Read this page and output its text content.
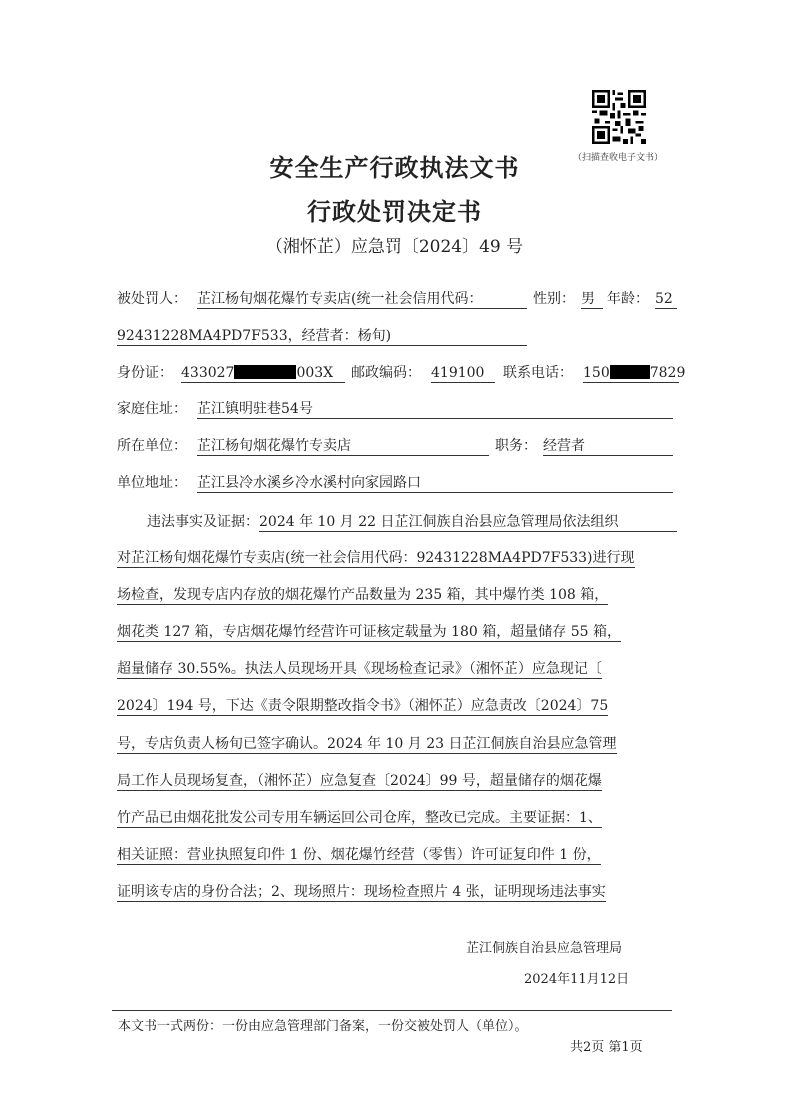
（扫描查收电子文书）
安全生产行政执法文书
行政处罚决定书
（湘怀芷）应急罚〔2024〕49 号
被处罚人： 芷江杨旬烟花爆竹专卖店(统一社会信用代码：	性别： 男 年龄： 52
92431228MA4PD7F533，经营者：杨旬)
身份证： 433027	003X	邮政编码： 419100	联系电话： 150	7829
家庭住址： 芷江镇明驻巷54号
所在单位： 芷江杨旬烟花爆竹专卖店	职务： 经营者
单位地址： 芷江县冷水溪乡冷水溪村向家园路口
违法事实及证据： 2024 年 10 月 22 日芷江侗族自治县应急管理局依法组织
对芷江杨旬烟花爆竹专卖店(统一社会信用代码：92431228MA4PD7F533)进行现
场检查，发现专店内存放的烟花爆竹产品数量为 235 箱，其中爆竹类 108 箱，
烟花类 127 箱，专店烟花爆竹经营许可证核定载量为 180 箱，超量储存 55 箱，
超量储存 30.55%。执法人员现场开具《现场检查记录》（湘怀芷）应急现记〔
2024〕194 号，下达《责令限期整改指令书》（湘怀芷）应急责改〔2024〕75
号，专店负责人杨旬已签字确认。2024 年 10 月 23 日芷江侗族自治县应急管理
局工作人员现场复查，（湘怀芷）应急复查〔2024〕99 号，超量储存的烟花爆
竹产品已由烟花批发公司专用车辆运回公司仓库，整改已完成。主要证据：1、
相关证照：营业执照复印件 1 份、烟花爆竹经营（零售）许可证复印件 1 份，
证明该专店的身份合法；2、现场照片：现场检查照片 4 张，证明现场违法事实
芷江侗族自治县应急管理局
2024年11月12日
本文书一式两份：一份由应急管理部门备案，一份交被处罚人（单位）。
共2页 第1页
